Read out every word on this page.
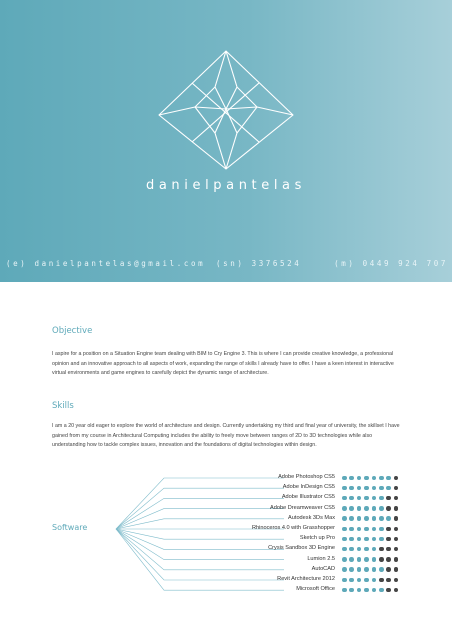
danielpantelas
(e) danielpantelas@gmail.com (sn) 3376524	(m) 0449 924 707
Objective
I aspire for a position on a Situation Engine team dealing with BIM to Cry Engine 3. This is where I can provide creative knowledge, a professional opinion and an innovative approach to all aspects of work, expanding the range of skills I already have to offer. I have a keen interest in interactive virtual environments and game engines to carefully depict the dynamic range of architecture.
Skills
I am a 20 year old eager to explore the world of architecture and design. Currently undertaking my third and final year of university, the skillset I have gained from my course in Architectural Computing includes the ability to freely move between ranges of 2D to 3D technologies while also understanding how to tackle complex issues, innovation and the foundations of digital technologies within design.
Software
Adobe Photoshop CS5
Adobe InDesign CS5
Adobe Illustrator CS5
Adobe Dreamweaver CS5
Autodesk 3Ds Max
Rhinoceros 4.0 with Grasshopper
Sketch up Pro
Crysis Sandbox 3D Engine
Lumion 2.5
AutoCAD
Revit Architecture 2012
Microsoft Office
